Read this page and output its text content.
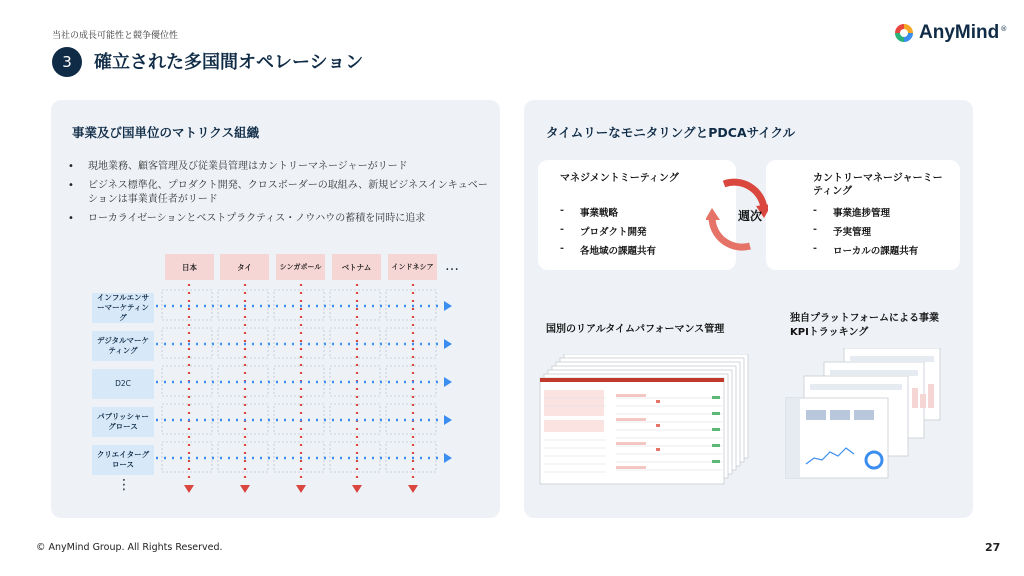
当社の成長可能性と競争優位性
3	確立された多国間オペレーション
AnyMind ®
事業及び国単位のマトリクス組織
• 現地業務、顧客管理及び従業員管理はカントリーマネージャーがリード
• ビジネス標準化、プロダクト開発、クロスボーダーの取組み、新規ビジネスインキュベーションは事業責任者がリード
• ローカライゼーションとベストプラクティス・ノウハウの蓄積を同時に追求
日本	タイ	シンガポール	ベトナム	インドネシア …
インフルエンサーマーケティング
デジタルマーケティング
D2C
パブリッシャーグロース
クリエイターグロース
⋮
タイムリーなモニタリングとPDCAサイクル
マネジメントミーティング
- 事業戦略
- プロダクト開発
- 各地域の課題共有
カントリーマネージャーミーティング
- 事業進捗管理
- 予実管理
- ローカルの課題共有
週次
国別のリアルタイムパフォーマンス管理
独自プラットフォームによる事業KPIトラッキング
© AnyMind Group. All Rights Reserved.	27
